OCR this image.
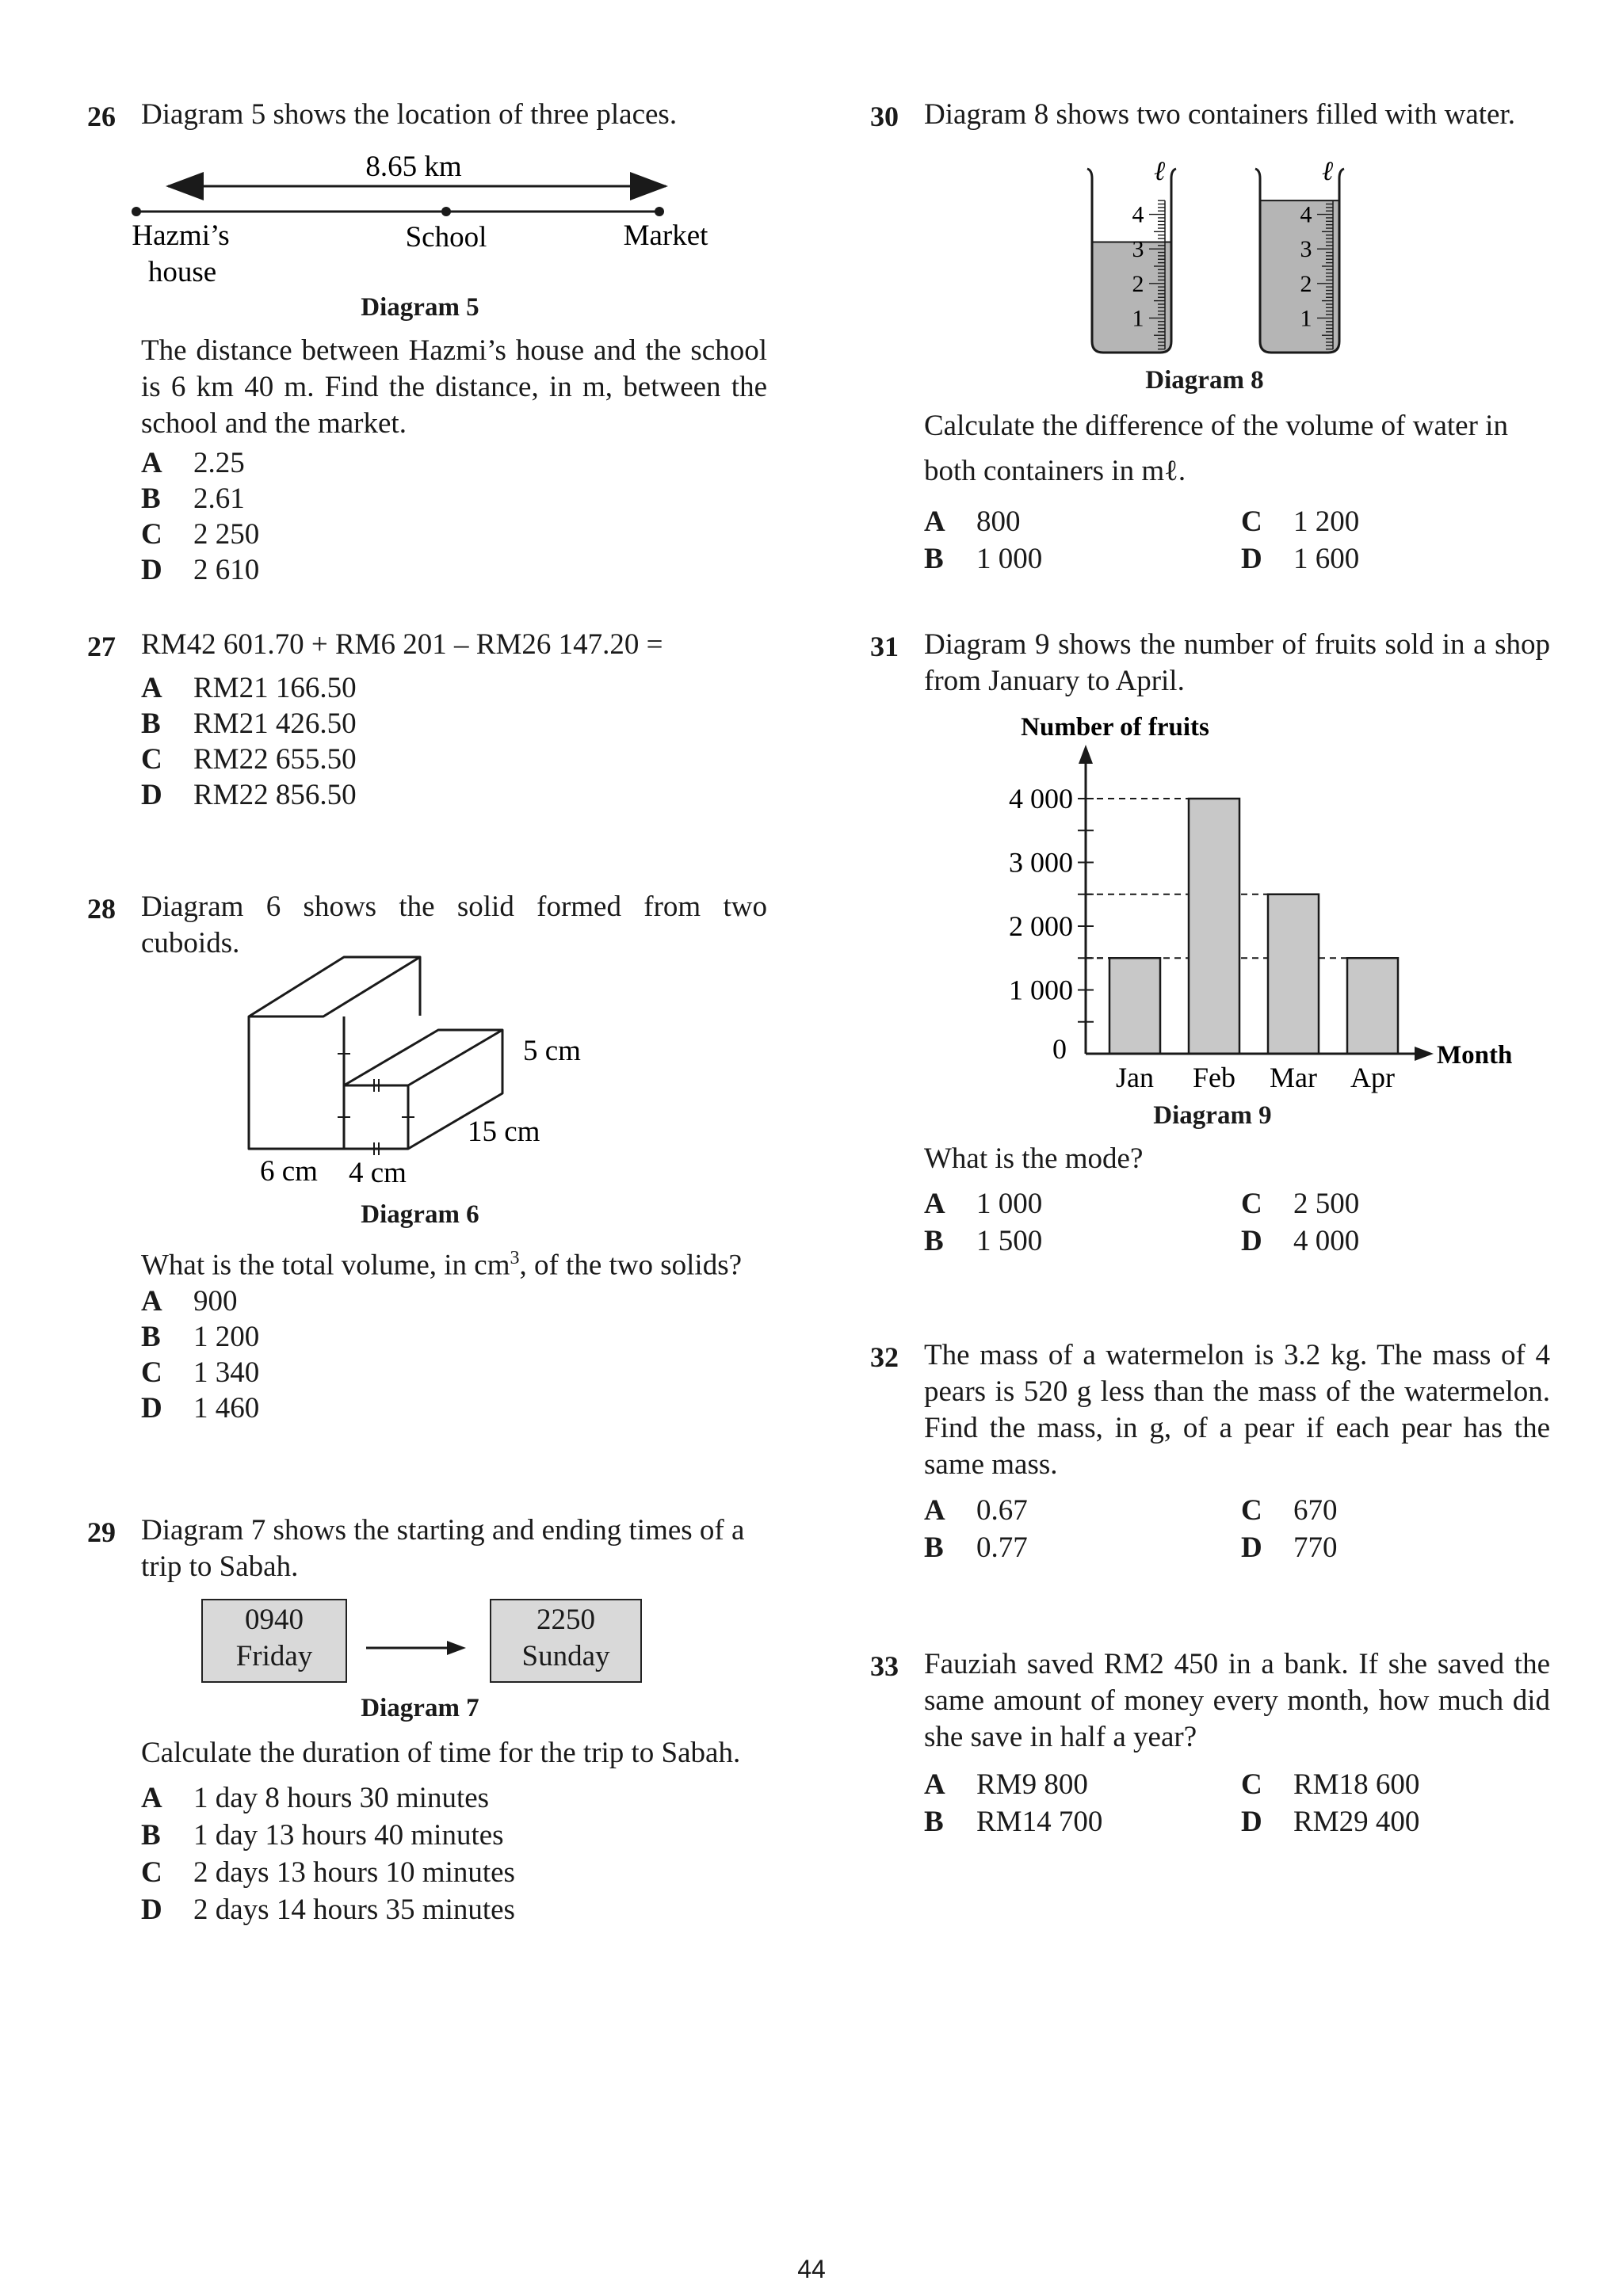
26 Diagram 5 shows the location of three places.
8.65 km
Hazmi’s
house
School	Market
Diagram 5
The distance between Hazmi’s house and the school is 6 km 40 m. Find the distance, in m, between the school and the market.
A 2.25
B 2.61
C 2 250
D 2 610
27 RM42 601.70 + RM6 201 – RM26 147.20 =
A RM21 166.50
B RM21 426.50
C RM22 655.50
D RM22 856.50
28 Diagram 6 shows the solid formed from two cuboids.
5 cm
15 cm
6 cm 4 cm
Diagram 6
What is the total volume, in $cm^3$, of the two solids?
A 900
B 1 200
C 1 340
D 1 460
29 Diagram 7 shows the starting and ending times of a trip to Sabah.
0940
Friday
2250
Sunday
Diagram 7
Calculate the duration of time for the trip to Sabah.
A 1 day 8 hours 30 minutes
B 1 day 13 hours 40 minutes
C 2 days 13 hours 10 minutes
D 2 days 14 hours 35 minutes
30 Diagram 8 shows two containers filled with water.
4
3
2
1
ℓ
4
3
2
1
ℓ
Diagram 8
Calculate the difference of the volume of water in
both containers in mℓ.
A 800
B 1 000
C 1 200
D 1 600
31 Diagram 9 shows the number of fruits sold in a shop from January to April.
Number of fruits
0
1 000
2 000
3 000
4 000
Jan Feb Mar Apr
Month
Diagram 9
What is the mode?
A 1 000
B 1 500
C 2 500
D 4 000
32 The mass of a watermelon is 3.2 kg. The mass of 4 pears is 520 g less than the mass of the watermelon. Find the mass, in g, of a pear if each pear has the same mass.
A 0.67
B 0.77
C 670
D 770
33 Fauziah saved RM2 450 in a bank. If she saved the same amount of money every month, how much did she save in half a year?
A RM9 800
B RM14 700
C RM18 600
D RM29 400
44
